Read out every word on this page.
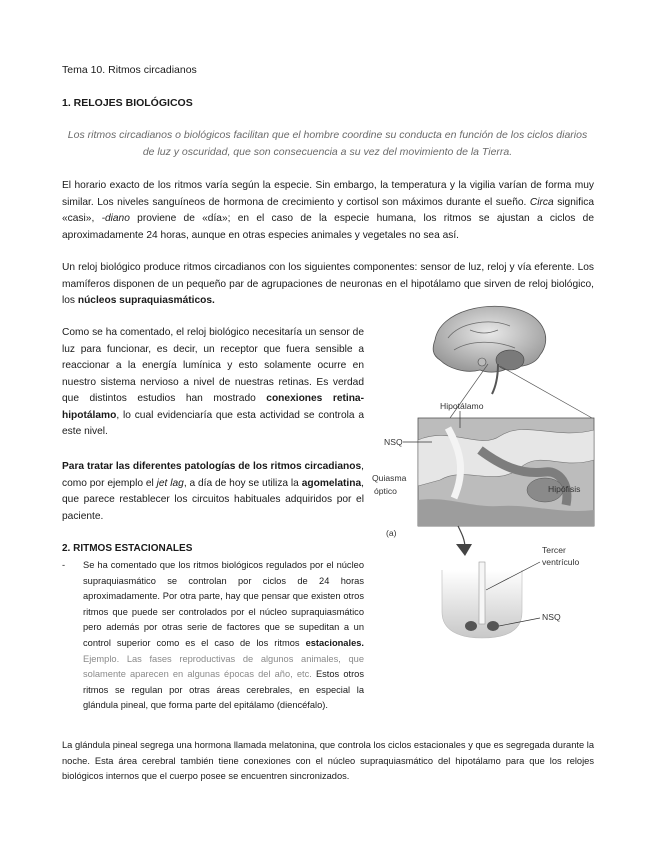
Tema 10. Ritmos circadianos
1. RELOJES BIOLÓGICOS
Los ritmos circadianos o biológicos facilitan que el hombre coordine su conducta en función de los ciclos diarios de luz y oscuridad, que son consecuencia a su vez del movimiento de la Tierra.
El horario exacto de los ritmos varía según la especie. Sin embargo, la temperatura y la vigilia varían de forma muy similar. Los niveles sanguíneos de hormona de crecimiento y cortisol son máximos durante el sueño. Circa significa «casi», -diano proviene de «día»; en el caso de la especie humana, los ritmos se ajustan a ciclos de aproximadamente 24 horas, aunque en otras especies animales y vegetales no sea así.
Un reloj biológico produce ritmos circadianos con los siguientes componentes: sensor de luz, reloj y vía eferente. Los mamíferos disponen de un pequeño par de agrupaciones de neuronas en el hipotálamo que sirven de reloj biológico, los núcleos supraquiasmáticos.
Como se ha comentado, el reloj biológico necesitaría un sensor de luz para funcionar, es decir, un receptor que fuera sensible a reaccionar a la energía lumínica y esto solamente ocurre en nuestro sistema nervioso a nivel de nuestras retinas. Es verdad que distintos estudios han mostrado conexiones retina-hipotálamo, lo cual evidenciaría que esta actividad se controla a este nivel.
Para tratar las diferentes patologías de los ritmos circadianos, como por ejemplo el jet lag, a día de hoy se utiliza la agomelatina, que parece restablecer los circuitos habituales adquiridos por el paciente.
2. RITMOS ESTACIONALES
- Se ha comentado que los ritmos biológicos regulados por el núcleo supraquiasmático se controlan por ciclos de 24 horas aproximadamente. Por otra parte, hay que pensar que existen otros ritmos que puede ser controlados por el núcleo supraquiasmático pero además por otras serie de factores que se supeditan a un control superior como es el caso de los ritmos estacionales. Ejemplo. Las fases reproductivas de algunos animales, que solamente aparecen en algunas épocas del año, etc. Estos otros ritmos se regulan por otras áreas cerebrales, en especial la glándula pineal, que forma parte del epitálamo (diencéfalo).
La glándula pineal segrega una hormona llamada melatonina, que controla los ciclos estacionales y que es segregada durante la noche. Esta área cerebral también tiene conexiones con el núcleo supraquiasmático del hipotálamo para que los relojes biológicos internos que el cuerpo posee se encuentren sincronizados.
Hipotálamo
NSQ
Quiasma
óptico	Hipófisis
(a)
Tercer
ventrículo
NSQ
